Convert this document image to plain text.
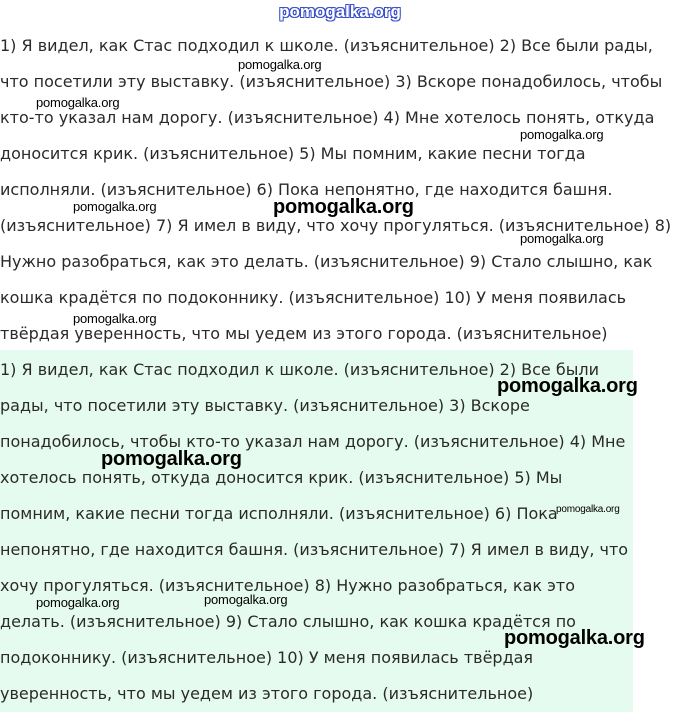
pomogalka.org

1) Я видел, как Стас подходил к школе. (изъяснительное) 2) Все были рады, что посетили эту выставку. (изъяснительное) 3) Вскоре понадобилось, чтобы кто-то указал нам дорогу. (изъяснительное) 4) Мне хотелось понять, откуда доносится крик. (изъяснительное) 5) Мы помним, какие песни тогда исполняли. (изъяснительное) 6) Пока непонятно, где находится башня. (изъяснительное) 7) Я имел в виду, что хочу прогуляться. (изъяснительное) 8) Нужно разобраться, как это делать. (изъяснительное) 9) Стало слышно, как кошка крадётся по подоконнику. (изъяснительное) 10) У меня появилась твёрдая уверенность, что мы уедем из этого города. (изъяснительное)

1) Я видел, как Стас подходил к школе. (изъяснительное) 2) Все были рады, что посетили эту выставку. (изъяснительное) 3) Вскоре понадобилось, чтобы кто-то указал нам дорогу. (изъяснительное) 4) Мне хотелось понять, откуда доносится крик. (изъяснительное) 5) Мы помним, какие песни тогда исполняли. (изъяснительное) 6) Пока непонятно, где находится башня. (изъяснительное) 7) Я имел в виду, что хочу прогуляться. (изъяснительное) 8) Нужно разобраться, как это делать. (изъяснительное) 9) Стало слышно, как кошка крадётся по подоконнику. (изъяснительное) 10) У меня появилась твёрдая уверенность, что мы уедем из этого города. (изъяснительное)

pomogalka.org
pomogalka.org
pomogalka.org
pomogalka.org	pomogalka.org
pomogalka.org
pomogalka.org
pomogalka.org
pomogalka.org
pomogalka.org
pomogalka.org	pomogalka.org
pomogalka.org
